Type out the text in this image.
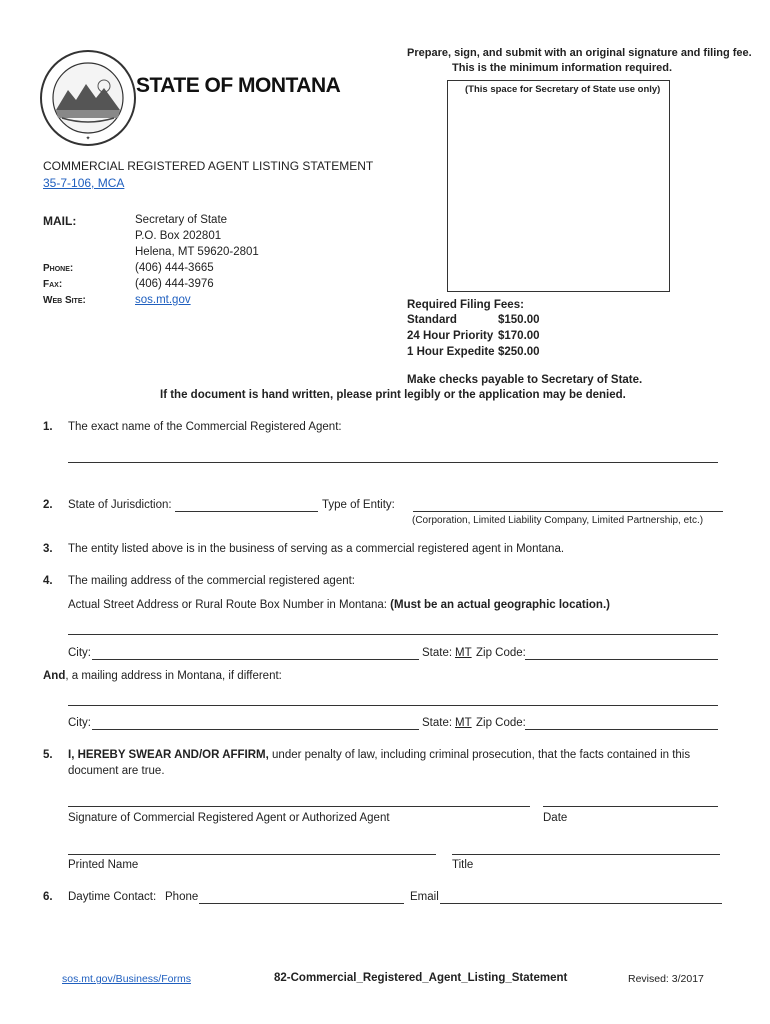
✦
STATE OF MONTANA
Prepare, sign, and submit with an original signature and filing fee.
This is the minimum information required.
(This space for Secretary of State use only)
COMMERCIAL REGISTERED AGENT LISTING STATEMENT
35-7-106, MCA
MAIL:	Secretary of State
P.O. Box 202801
Helena, MT 59620-2801
Phone:	(406) 444-3665
Fax:	(406) 444-3976
Web Site:	sos.mt.gov	Required Filing Fees:
Standard	$150.00
24 Hour Priority $170.00
1 Hour Expedite $250.00
Make checks payable to Secretary of State.
If the document is hand written, please print legibly or the application may be denied.
1. The exact name of the Commercial Registered Agent:
2. State of Jurisdiction:	Type of Entity:
(Corporation, Limited Liability Company, Limited Partnership, etc.)
3. The entity listed above is in the business of serving as a commercial registered agent in Montana.
4. The mailing address of the commercial registered agent:
Actual Street Address or Rural Route Box Number in Montana: (Must be an actual geographic location.)
City:	State: MT Zip Code:
And, a mailing address in Montana, if different:
City:	State: MT Zip Code:
5. I, HEREBY SWEAR AND/OR AFFIRM, under penalty of law, including criminal prosecution, that the facts contained in this
document are true.
Signature of Commercial Registered Agent or Authorized Agent	Date
Printed Name	Title
6. Daytime Contact: Phone	Email
sos.mt.gov/Business/Forms	82-Commercial_Registered_Agent_Listing_Statement	Revised: 3/2017
